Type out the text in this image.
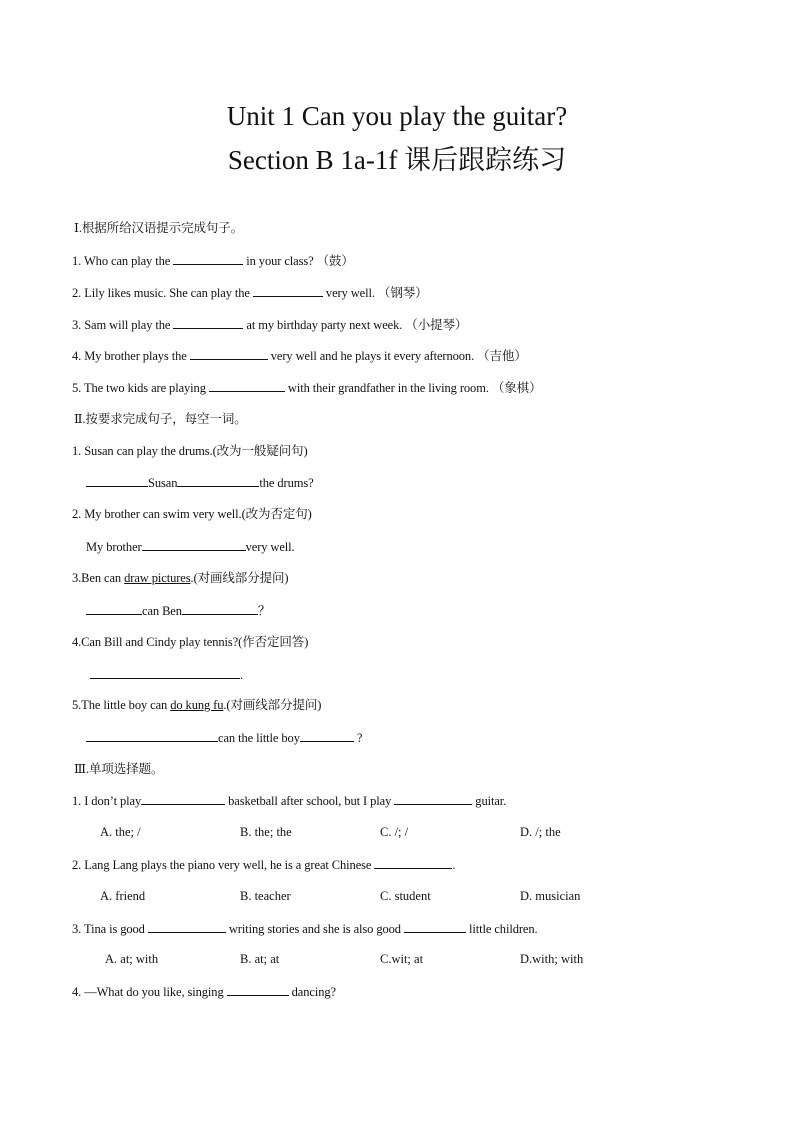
Unit 1 Can you play the guitar?
Section B 1a-1f 课后跟踪练习
Ⅰ.根据所给汉语提示完成句子。
1. Who can play the	in your class? （鼓）
2. Lily likes music. She can play the	very well. （钢琴）
3. Sam will play the	at my birthday party next week. （小提琴）
4. My brother plays the	very well and he plays it every afternoon. （吉他）
5. The two kids are playing	with their grandfather in the living room. （象棋）
Ⅱ.按要求完成句子，每空一词。
1. Susan can play the drums.(改为一般疑问句)
Susan	the drums?
2. My brother can swim very well.(改为否定句)
My brother	very well.
3.Ben can draw pictures.(对画线部分提问)
can Ben	？
4.Can Bill and Cindy play tennis?(作否定回答)
.
5.The little boy can do kung fu.(对画线部分提问)
can the little boy	?
Ⅲ.单项选择题。
1. I don’t play	basketball after school, but I play	guitar.
A. the; /	B. the; the	C. /; /	D. /; the
2. Lang Lang plays the piano very well, he is a great Chinese	.
A. friend	B. teacher	C. student	D. musician
3. Tina is good	writing stories and she is also good	little children.
A. at; with	B. at; at	C.wit; at	D.with; with
4. —What do you like, singing	dancing?
